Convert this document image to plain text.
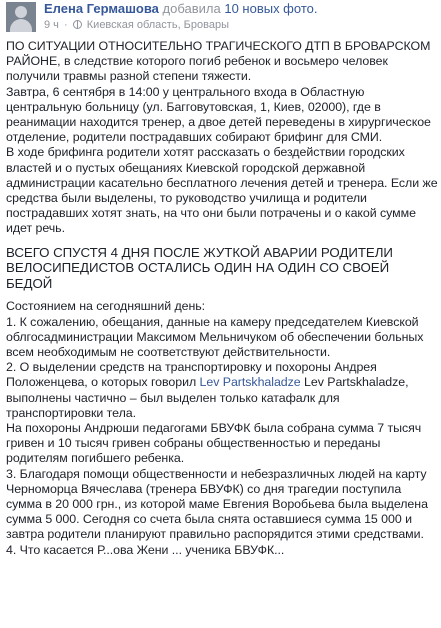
Елена Гермашова добавила 10 новых фото.
9 ч · Киевская область, Бровары

ПО СИТУАЦИИ ОТНОСИТЕЛЬНО ТРАГИЧЕСКОГО ДТП В БРОВАРСКОМ РАЙОНЕ, в следствие которого погиб ребенок и восьмеро человек получили травмы разной степени тяжести.

Завтра, 6 сентября в 14:00 у центрального входа в Областную центральную больницу (ул. Багговутовская, 1, Киев, 02000), где в реанимации находится тренер, а двое детей переведены в хирургическое отделение, родители пострадавших собирают брифинг для СМИ.

В ходе брифинга родители хотят рассказать о бездействии городских властей и о пустых обещаниях Киевской городской державной администрации касательно бесплатного лечения детей и тренера. Если же средства были выделены, то руководство училища и родители пострадавших хотят знать, на что они были потрачены и о какой сумме идет речь.

ВСЕГО СПУСТЯ 4 ДНЯ ПОСЛЕ ЖУТКОЙ АВАРИИ РОДИТЕЛИ ВЕЛОСИПЕДИСТОВ ОСТАЛИСЬ ОДИН НА ОДИН СО СВОЕЙ БЕДОЙ

Состоянием на сегодняшний день:

1. К сожалению, обещания, данные на камеру председателем Киевской облгосадминистрации Максимом Мельничуком об обеспечении больных всем необходимым не соответствуют действительности.

2. О выделении средств на транспортировку и похороны Андрея Положенцева, о которых говорил Lev Partskhaladze Lev Partskhaladze, выполнены частично – был выделен только катафалк для транспортировки тела.

На похороны Андрюши педагогами БВУФК была собрана сумма 7 тысяч гривен и 10 тысяч гривен собраны общественностью и переданы родителям погибшего ребенка.

3. Благодаря помощи общественности и небезразличных людей на карту Черноморца Вячеслава (тренера БВУФК) со дня трагедии поступила сумма в 20 000 грн., из которой маме Евгения Воробьева была выделена сумма 5 000. Сегодня со счета была снята оставшиеся сумма 15 000 и завтра родители планируют правильно распорядится этими средствами.

4. Что касается Р...ова Жени ... ученика БВУФК...
